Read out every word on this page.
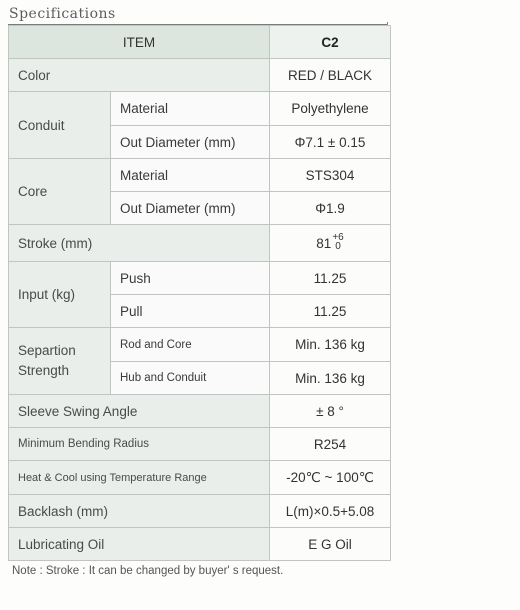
Specifications
ITEM		C2
Color		RED / BLACK
Conduit	Material	Polyethylene
	Out Diameter (mm)	Φ7.1 ± 0.15
Core	Material	STS304
	Out Diameter (mm)	Φ1.9
Stroke (mm)		81 +6
0

Input (kg)	Push	11.25
	Pull	11.25
Separtion Strength	Rod and Core	Min. 136 kg
	Hub and Conduit	Min. 136 kg
Sleeve Swing Angle		± 8 °
Minimum Bending Radius		R254
Heat & Cool using Temperature Range		-20℃ ~ 100℃
Backlash (mm)		L(m)×0.5+5.08
Lubricating Oil		E G Oil
Note : Stroke : It can be changed by buyer' s request.
